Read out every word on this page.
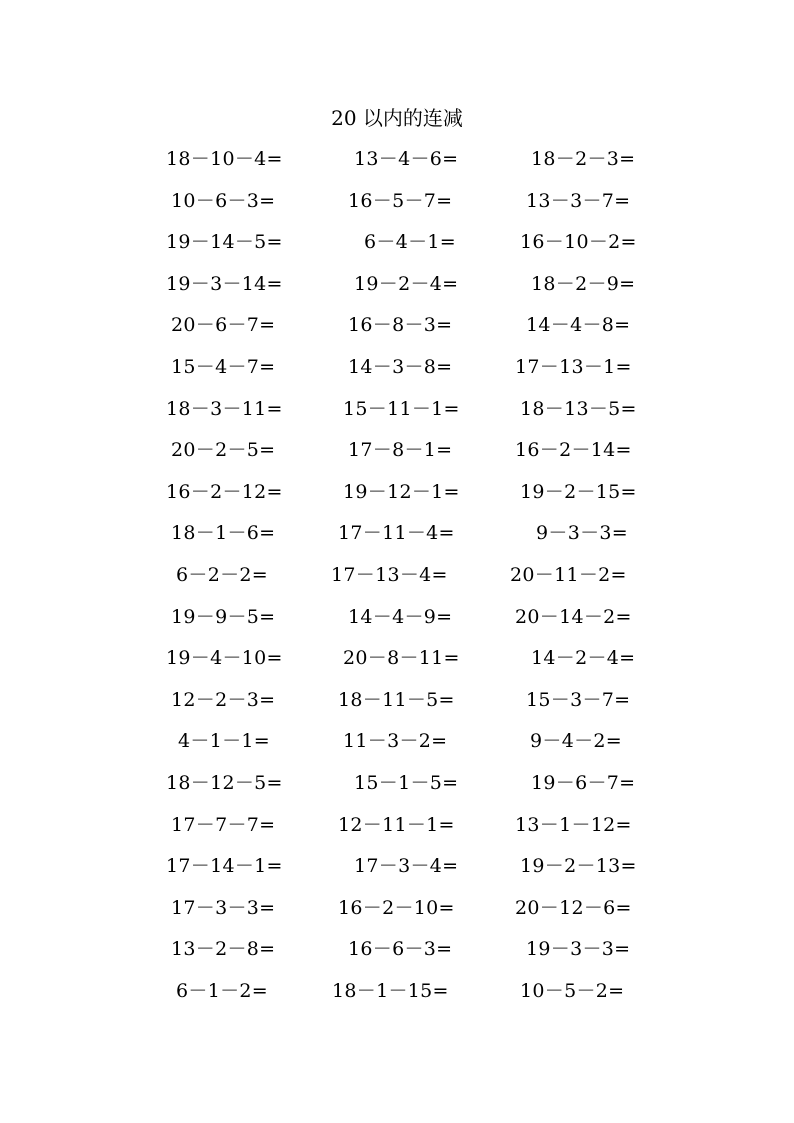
20 以内的连减
18－10－4=	13－4－6=	18－2－3=
10－6－3=	16－5－7=	13－3－7=
19－14－5=	6－4－1=	16－10－2=
19－3－14=	19－2－4=	18－2－9=
20－6－7=	16－8－3=	14－4－8=
15－4－7=	14－3－8=	17－13－1=
18－3－11=	15－11－1=	18－13－5=
20－2－5=	17－8－1=	16－2－14=
16－2－12=	19－12－1=	19－2－15=
18－1－6=	17－11－4=	9－3－3=
6－2－2=	17－13－4=	20－11－2=
19－9－5=	14－4－9=	20－14－2=
19－4－10=	20－8－11=	14－2－4=
12－2－3=	18－11－5=	15－3－7=
4－1－1=	11－3－2=	9－4－2=
18－12－5=	15－1－5=	19－6－7=
17－7－7=	12－11－1=	13－1－12=
17－14－1=	17－3－4=	19－2－13=
17－3－3=	16－2－10=	20－12－6=
13－2－8=	16－6－3=	19－3－3=
6－1－2=	18－1－15=	10－5－2=
